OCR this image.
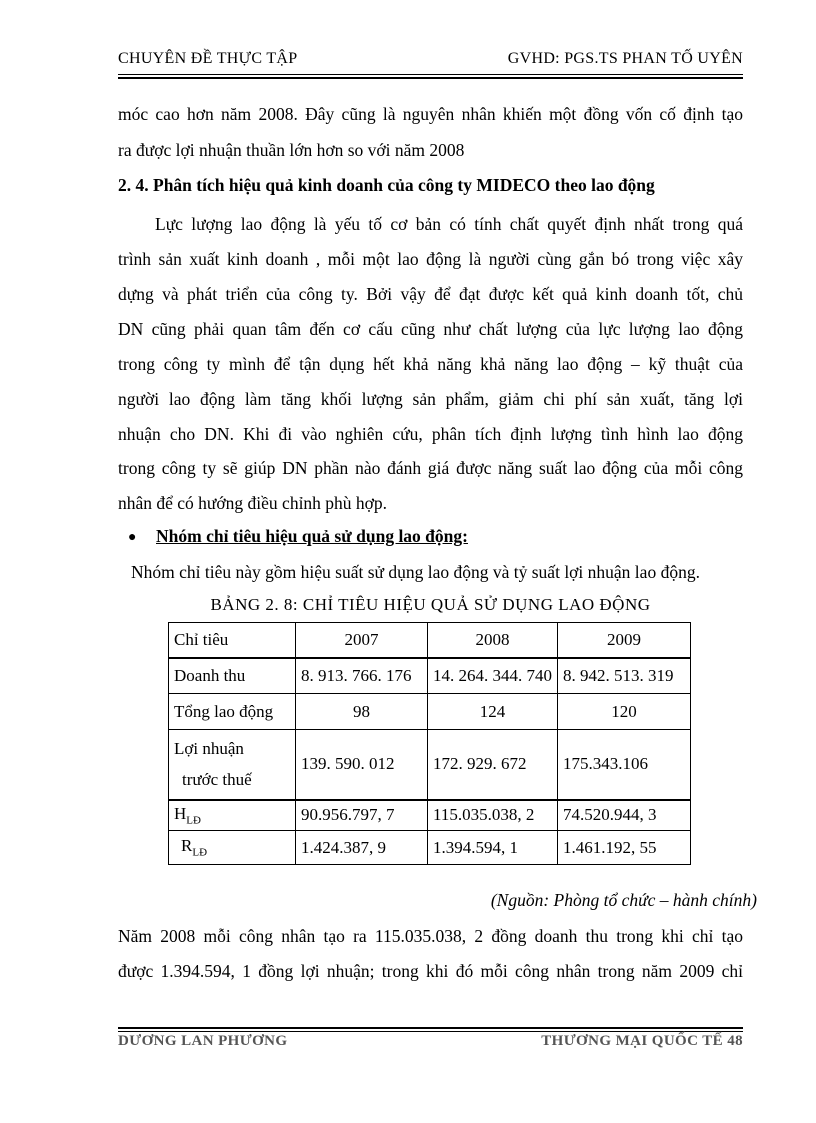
CHUYÊN ĐỀ THỰC TẬP	GVHD: PGS.TS PHAN TỐ UYÊN
móc cao hơn năm 2008. Đây cũng là nguyên nhân khiến một đồng vốn cố định tạo
ra được lợi nhuận thuần lớn hơn so với năm 2008
2. 4. Phân tích hiệu quả kinh doanh của công ty MIDECO theo lao động
Lực lượng lao động là yếu tố cơ bản có tính chất quyết định nhất trong quá
trình sản xuất kinh doanh , mỗi một lao động là người cùng gắn bó trong việc xây
dựng và phát triển của công ty. Bởi vậy để đạt được kết quả kinh doanh tốt, chủ
DN cũng phải quan tâm đến cơ cấu cũng như chất lượng của lực lượng lao động
trong công ty mình để tận dụng hết khả năng khả năng lao động – kỹ thuật của
người lao động làm tăng khối lượng sản phẩm, giảm chi phí sản xuất, tăng lợi
nhuận cho DN. Khi đi vào nghiên cứu, phân tích định lượng tình hình lao động
trong công ty sẽ giúp DN phần nào đánh giá được năng suất lao động của mỗi công
nhân để có hướng điều chỉnh phù hợp.
● Nhóm chỉ tiêu hiệu quả sử dụng lao động:
Nhóm chỉ tiêu này gồm hiệu suất sử dụng lao động và tỷ suất lợi nhuận lao động.
BẢNG 2. 8: CHỈ TIÊU HIỆU QUẢ SỬ DỤNG LAO ĐỘNG
Chỉ tiêu	2007	2008	2009
Doanh thu	8. 913. 766. 176	14. 264. 344. 740	8. 942. 513. 319
Tổng lao động	98	124	120

Lợi nhuận
trước thuế	139. 590. 012	172. 929. 672	175.343.106
$H_{LĐ}$	90.956.797, 7	115.035.038, 2	74.520.944, 3
$R_{LĐ}$	1.424.387, 9	1.394.594, 1	1.461.192, 55
(Nguồn: Phòng tổ chức – hành chính)
Năm 2008 mỗi công nhân tạo ra 115.035.038, 2 đồng doanh thu trong khi chỉ tạo
được 1.394.594, 1 đồng lợi nhuận; trong khi đó mỗi công nhân trong năm 2009 chỉ
DƯƠNG LAN PHƯƠNG	THƯƠNG MẠI QUỐC TẾ 48
